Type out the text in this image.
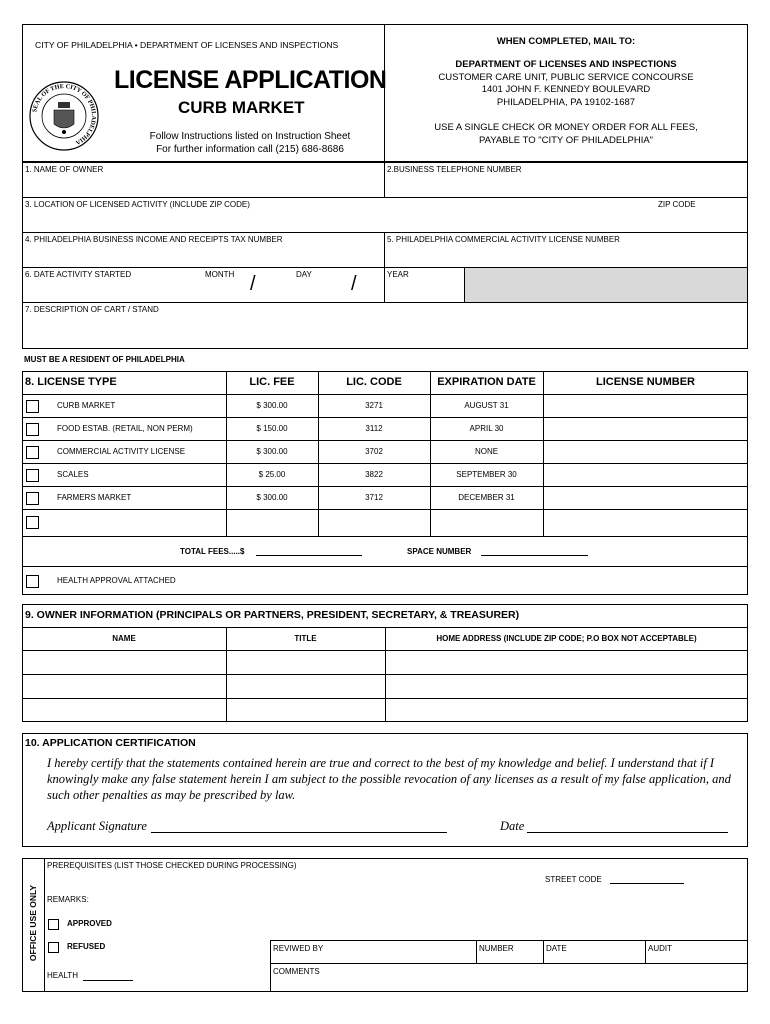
CITY OF PHILADELPHIA • DEPARTMENT OF LICENSES AND INSPECTIONS
SEAL OF THE CITY OF PHILADELPHIA
LICENSE APPLICATION
CURB MARKET
Follow Instructions listed on Instruction Sheet
For further information call (215) 686-8686
WHEN COMPLETED, MAIL TO:
DEPARTMENT OF LICENSES AND INSPECTIONS
CUSTOMER CARE UNIT, PUBLIC SERVICE CONCOURSE
1401 JOHN F. KENNEDY BOULEVARD
PHILADELPHIA, PA 19102-1687
USE A SINGLE CHECK OR MONEY ORDER FOR ALL FEES,
PAYABLE TO "CITY OF PHILADELPHIA"
1. NAME OF OWNER	2.BUSINESS TELEPHONE NUMBER
3. LOCATION OF LICENSED ACTIVITY (INCLUDE ZIP CODE)	ZIP CODE
4. PHILADELPHIA BUSINESS INCOME AND RECEIPTS TAX NUMBER	5. PHILADELPHIA COMMERCIAL ACTIVITY LICENSE NUMBER
6. DATE ACTIVITY STARTED	MONTH	DAY	YEAR
/	/
7. DESCRIPTION OF CART / STAND
MUST BE A RESIDENT OF PHILADELPHIA
8. LICENSE TYPE	LIC. FEE	LIC. CODE	EXPIRATION DATE	LICENSE NUMBER
CURB MARKET	$ 300.00	3271	AUGUST 31
FOOD ESTAB. (RETAIL, NON PERM)	$ 150.00	3112	APRIL 30
COMMERCIAL ACTIVITY LICENSE	$ 300.00	3702	NONE
SCALES	$ 25.00	3822	SEPTEMBER 30
FARMERS MARKET	$ 300.00	3712	DECEMBER 31
TOTAL FEES.....$	SPACE NUMBER
HEALTH APPROVAL ATTACHED
9. OWNER INFORMATION (PRINCIPALS OR PARTNERS, PRESIDENT, SECRETARY, & TREASURER)
NAME	TITLE	HOME ADDRESS (INCLUDE ZIP CODE; P.O BOX NOT ACCEPTABLE)
10. APPLICATION CERTIFICATION
I hereby certify that the statements contained herein are true and correct to the best of my knowledge and belief. I understand that if I knowingly make any false statement herein I am subject to the possible revocation of any licenses as a result of my false application, and such other penalties as may be prescribed by law.
Applicant Signature	Date
OFFICE USE ONLY
PREREQUISITES (LIST THOSE CHECKED DURING PROCESSING)
STREET CODE
REMARKS:
APPROVED
REFUSED
HEALTH
REVIWED BY	NUMBER	DATE	AUDIT
COMMENTS
